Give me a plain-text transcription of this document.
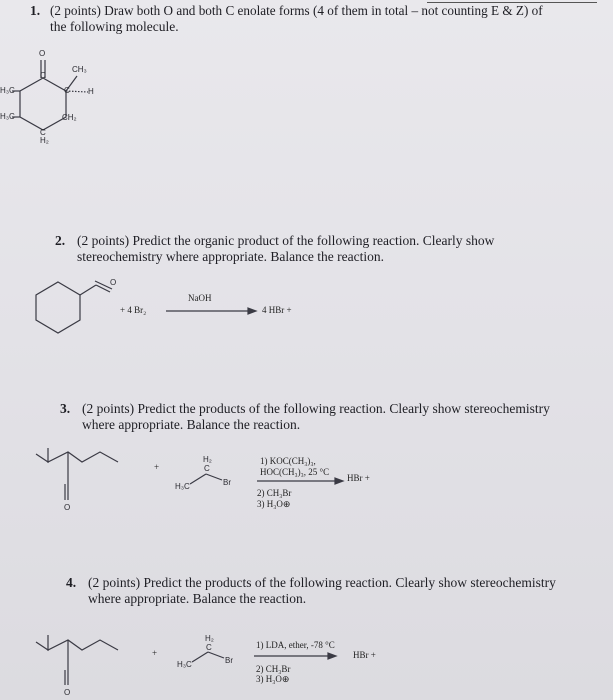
1. (2 points) Draw both O and both C enolate forms (4 of them in total – not counting E & Z) of
the following molecule.
O
C
CH₃
H₃C	C H
H₃C	CH₂
C
H₂
2. (2 points) Predict the organic product of the following reaction. Clearly show
stereochemistry where appropriate. Balance the reaction.
O
+ 4 Br₂
NaOH
4 HBr +
3. (2 points) Predict the products of the following reaction. Clearly show stereochemistry
where appropriate. Balance the reaction.
O
+
H₂
C
H₃C	Br
1) KOC(CH₃)₃,
HOC(CH₃)₃, 25 °C
2) CH₃Br
3) H₃O⊕
HBr +
4. (2 points) Predict the products of the following reaction. Clearly show stereochemistry
where appropriate. Balance the reaction.
O
+
H₂
C
H₃C	Br
1) LDA, ether, -78 °C
2) CH₃Br
3) H₃O⊕
HBr +
